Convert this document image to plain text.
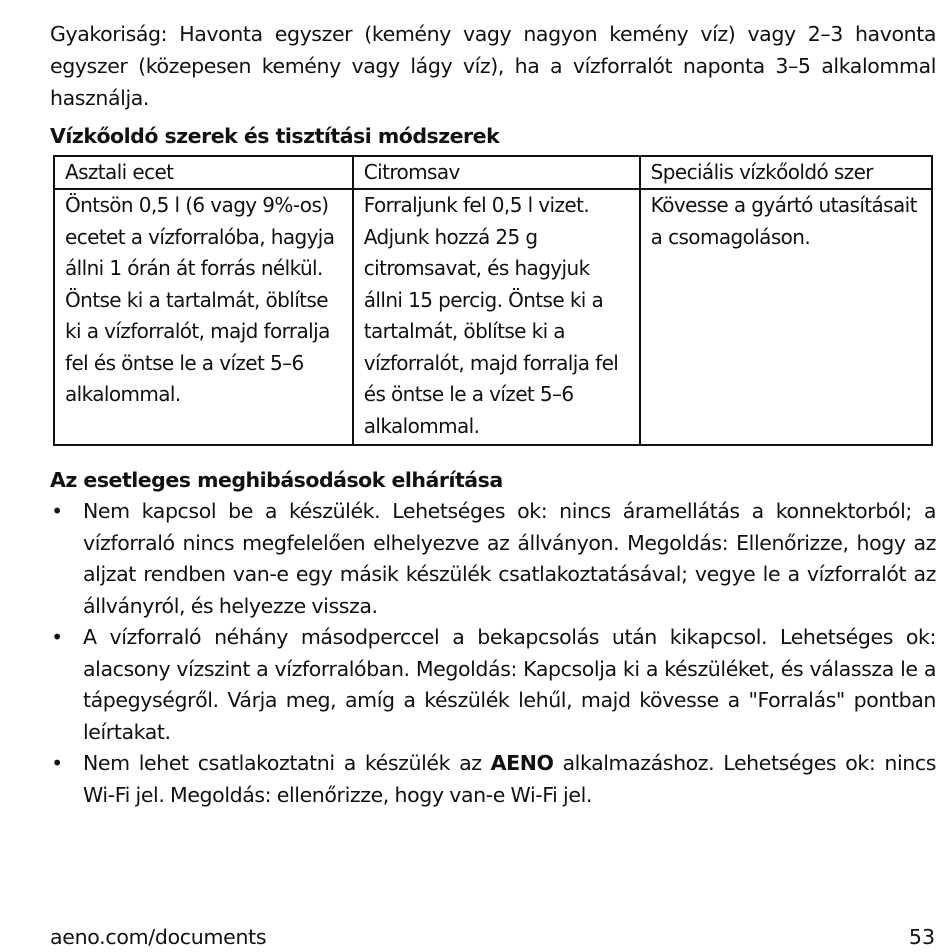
Gyakoriság: Havonta egyszer (kemény vagy nagyon kemény víz) vagy 2–3 havonta egyszer (közepesen kemény vagy lágy víz), ha a vízforralót naponta 3–5 alkalommal használja.

Vízkőoldó szerek és tisztítási módszerek
Asztali ecet	Citromsav	Speciális vízkőoldó szer
Öntsön 0,5 l (6 vagy 9%-os) ecetet a vízforralóba, hagyja állni 1 órán át forrás nélkül. Öntse ki a tartalmát, öblítse ki a vízforralót, majd forralja fel és öntse le a vízet 5–6 alkalommal.	Forraljunk fel 0,5 l vizet. Adjunk hozzá 25 g citromsavat, és hagyjuk állni 15 percig. Öntse ki a tartalmát, öblítse ki a vízforralót, majd forralja fel és öntse le a vízet 5–6 alkalommal.	Kövesse a gyártó utasításait a csomagoláson.
Az esetleges meghibásodások elhárítása
• Nem kapcsol be a készülék. Lehetséges ok: nincs áramellátás a konnektorból; a vízforraló nincs megfelelően elhelyezve az állványon. Megoldás: Ellenőrizze, hogy az aljzat rendben van-e egy másik készülék csatlakoztatásával; vegye le a vízforralót az állványról, és helyezze vissza.
• A vízforraló néhány másodperccel a bekapcsolás után kikapcsol. Lehetséges ok: alacsony vízszint a vízforralóban. Megoldás: Kapcsolja ki a készüléket, és válassza le a tápegységről. Várja meg, amíg a készülék lehűl, majd kövesse a "Forralás" pontban leírtakat.
• Nem lehet csatlakoztatni a készülék az AENO alkalmazáshoz. Lehetséges ok: nincs Wi-Fi jel. Megoldás: ellenőrizze, hogy van-e Wi-Fi jel.
aeno.com/documents	53
